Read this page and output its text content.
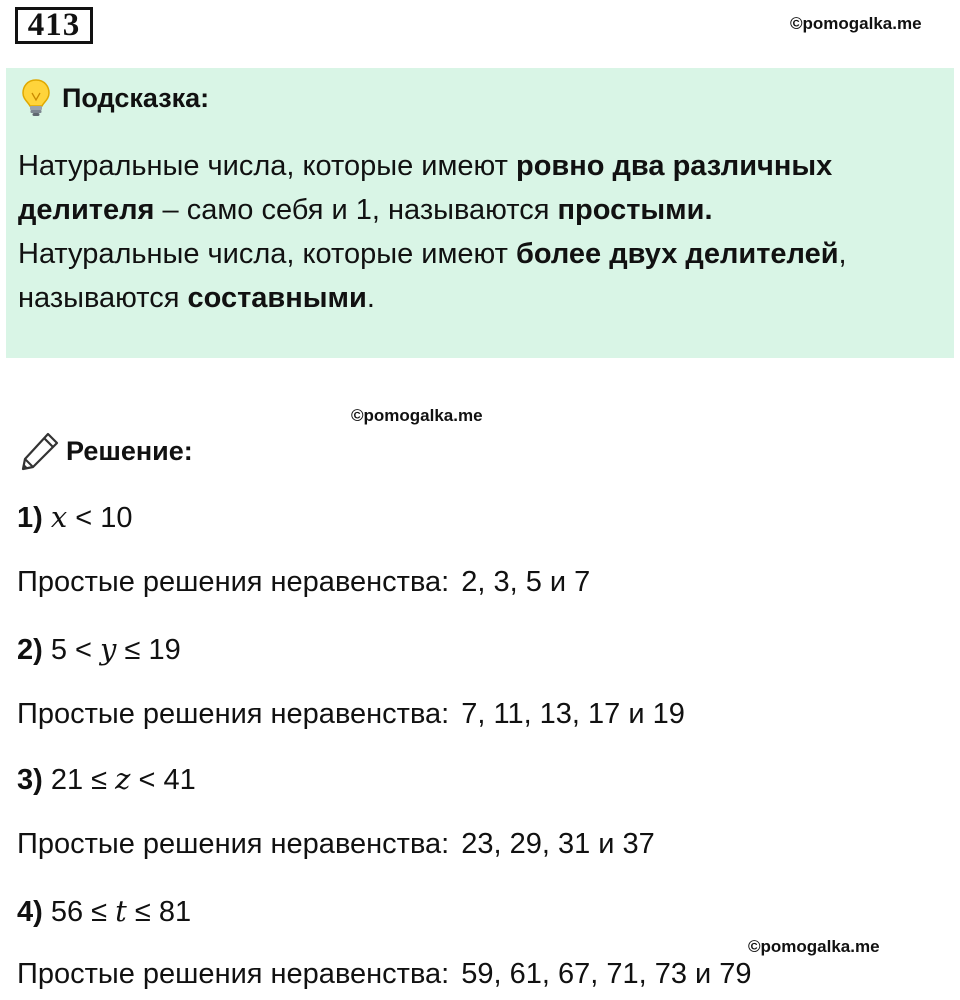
413	©pomogalka.me
Подсказка:
Натуральные числа, которые имеют ровно два различных
делителя – само себя и 1, называются простыми.
Натуральные числа, которые имеют более двух делителей,
называются составными.
©pomogalka.me
Решение:
1) x < 10
Простые решения неравенства: 2, 3, 5 и 7
2) 5 < y ≤ 19
Простые решения неравенства: 7, 11, 13, 17 и 19
3) 21 ≤ z < 41
Простые решения неравенства: 23, 29, 31 и 37
4) 56 ≤ t ≤ 81
©pomogalka.me
Простые решения неравенства: 59, 61, 67, 71, 73 и 79
